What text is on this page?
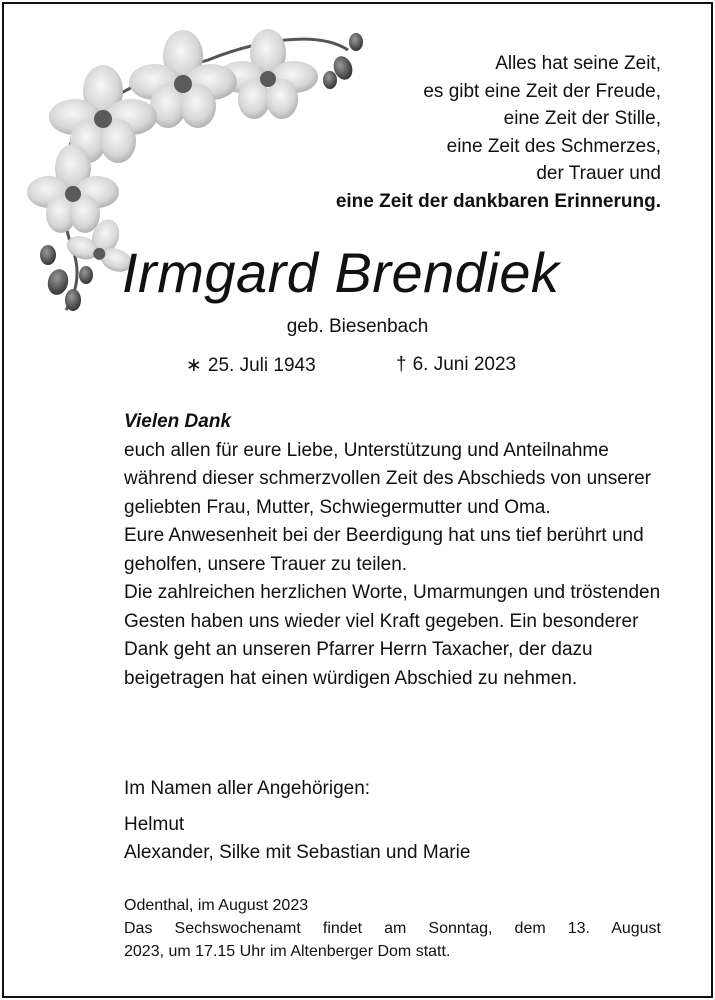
Alles hat seine Zeit,
es gibt eine Zeit der Freude,
eine Zeit der Stille,
eine Zeit des Schmerzes,
der Trauer und
eine Zeit der dankbaren Erinnerung.
Irmgard Brendiek
geb. Biesenbach
∗ 25. Juli 1943	† 6. Juni 2023
Vielen Dank
euch allen für eure Liebe, Unterstützung und Anteilnahme während dieser schmerzvollen Zeit des Abschieds von unserer geliebten Frau, Mutter, Schwiegermutter und Oma.
Eure Anwesenheit bei der Beerdigung hat uns tief berührt und geholfen, unsere Trauer zu teilen.
Die zahlreichen herzlichen Worte, Umarmungen und tröstenden Gesten haben uns wieder viel Kraft gegeben. Ein besonderer Dank geht an unseren Pfarrer Herrn Taxacher, der dazu beigetragen hat einen würdigen Abschied zu nehmen.
Im Namen aller Angehörigen:
Helmut
Alexander, Silke mit Sebastian und Marie
Odenthal, im August 2023
Das Sechswochenamt findet am Sonntag, dem 13. August
2023, um 17.15 Uhr im Altenberger Dom statt.
